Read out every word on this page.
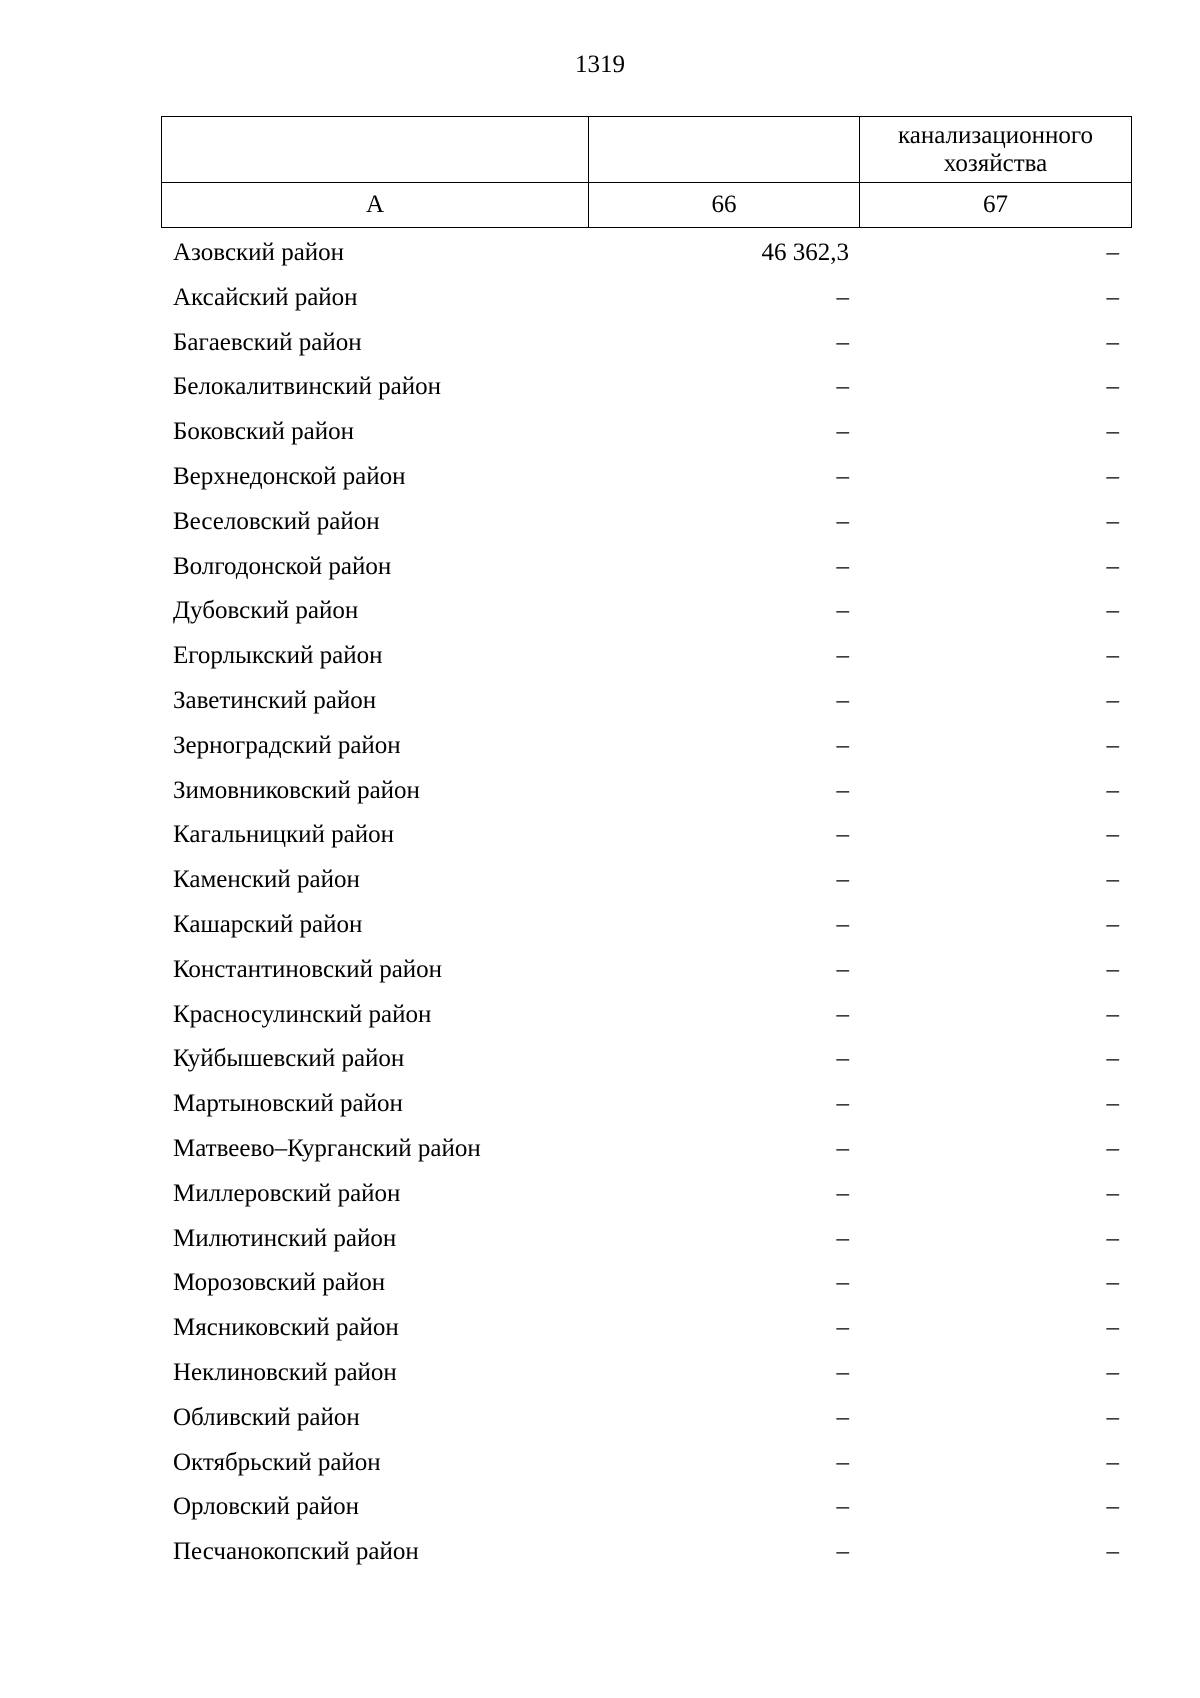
1319

		канализационного
хозяйства

А	66	67
Азовский район	46 362,3	–
Аксайский район	–	–
Багаевский район	–	–
Белокалитвинский район	–	–
Боковский район	–	–
Верхнедонской район	–	–
Веселовский район	–	–
Волгодонской район	–	–
Дубовский район	–	–
Егорлыкский район	–	–
Заветинский район	–	–
Зерноградский район	–	–
Зимовниковский район	–	–
Кагальницкий район	–	–
Каменский район	–	–
Кашарский район	–	–
Константиновский район	–	–
Красносулинский район	–	–
Куйбышевский район	–	–
Мартыновский район	–	–
Матвеево–Курганский район	–	–
Миллеровский район	–	–
Милютинский район	–	–
Морозовский район	–	–
Мясниковский район	–	–
Неклиновский район	–	–
Обливский район	–	–
Октябрьский район	–	–
Орловский район	–	–
Песчанокопский район	–	–
